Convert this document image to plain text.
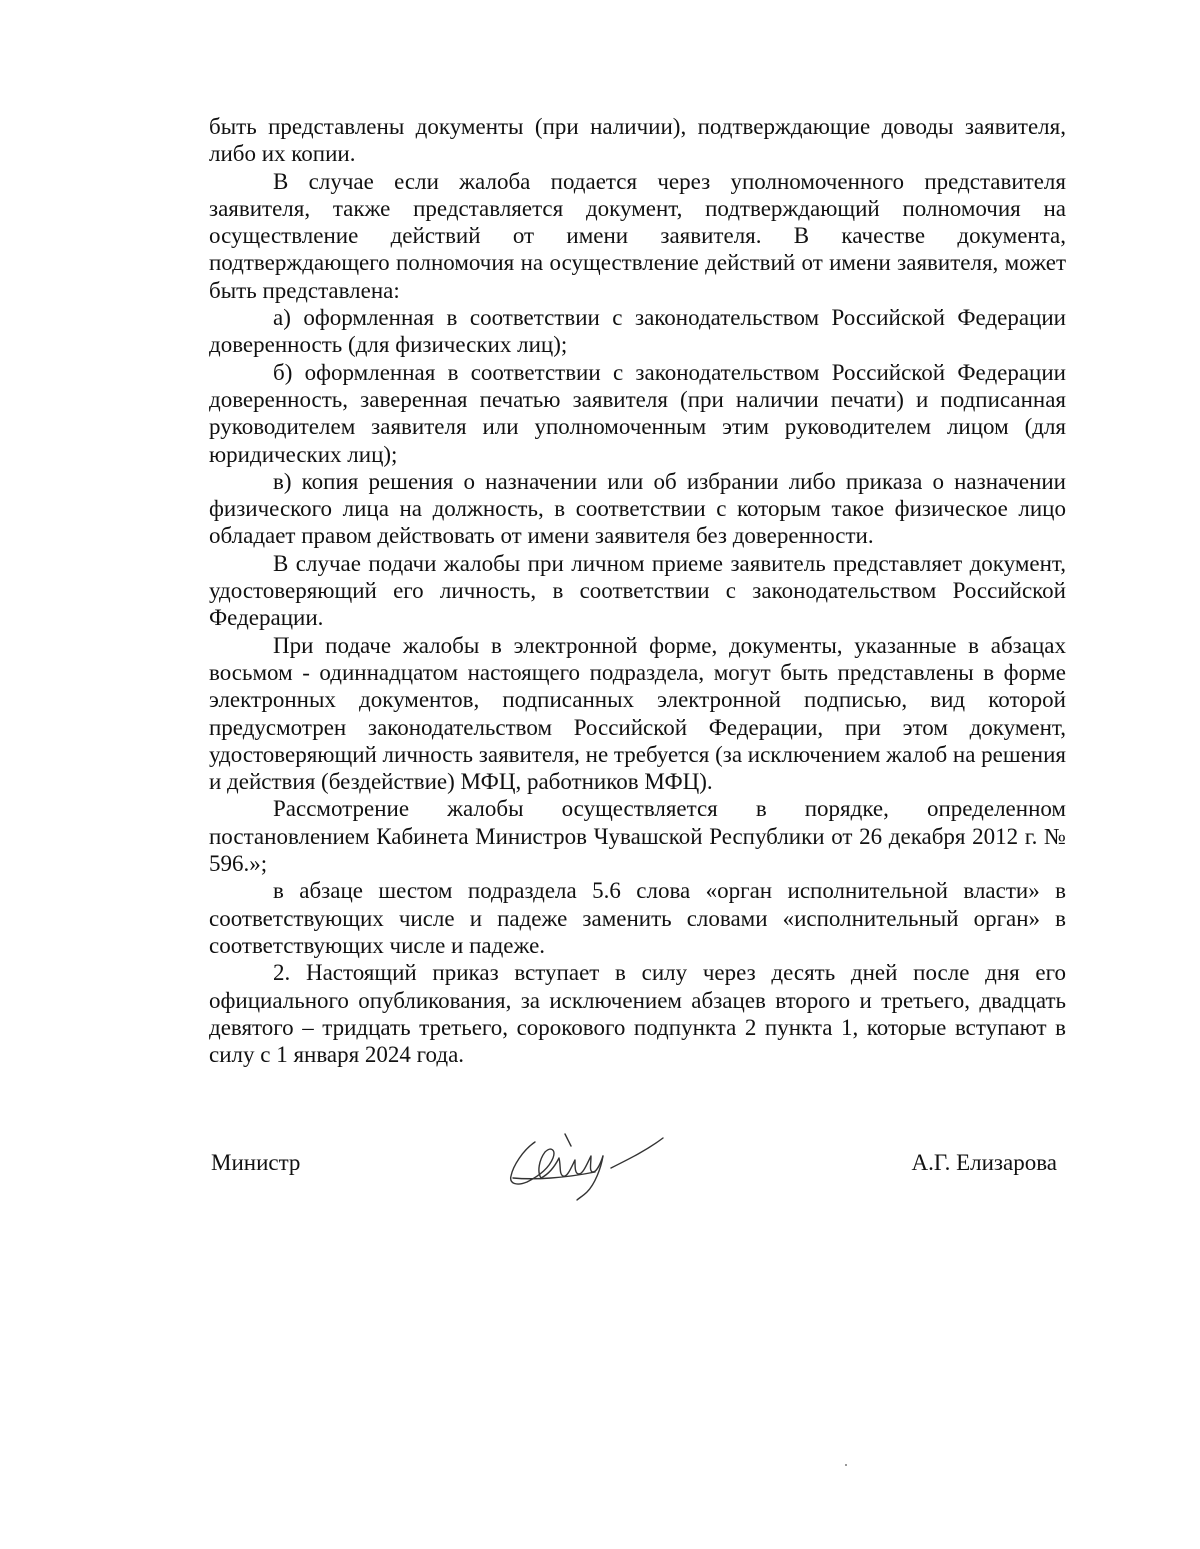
быть представлены документы (при наличии), подтверждающие доводы заявителя, либо их копии.

В случае если жалоба подается через уполномоченного представителя заявителя, также представляется документ, подтверждающий полномочия на осуществление действий от имени заявителя. В качестве документа, подтверждающего полномочия на осуществление действий от имени заявителя, может быть представлена:

а) оформленная в соответствии с законодательством Российской Федерации доверенность (для физических лиц);

б) оформленная в соответствии с законодательством Российской Федерации доверенность, заверенная печатью заявителя (при наличии печати) и подписанная руководителем заявителя или уполномоченным этим руководителем лицом (для юридических лиц);

в) копия решения о назначении или об избрании либо приказа о назначении физического лица на должность, в соответствии с которым такое физическое лицо обладает правом действовать от имени заявителя без доверенности.

В случае подачи жалобы при личном приеме заявитель представляет документ, удостоверяющий его личность, в соответствии с законодательством Российской Федерации.

При подаче жалобы в электронной форме, документы, указанные в абзацах восьмом - одиннадцатом настоящего подраздела, могут быть представлены в форме электронных документов, подписанных электронной подписью, вид которой предусмотрен законодательством Российской Федерации, при этом документ, удостоверяющий личность заявителя, не требуется (за исключением жалоб на решения и действия (бездействие) МФЦ, работников МФЦ).

Рассмотрение жалобы осуществляется в порядке, определенном постановлением Кабинета Министров Чувашской Республики от 26 декабря 2012 г. № 596.»;

в абзаце шестом подраздела 5.6 слова «орган исполнительной власти» в соответствующих числе и падеже заменить словами «исполнительный орган» в соответствующих числе и падеже.

2. Настоящий приказ вступает в силу через десять дней после дня его официального опубликования, за исключением абзацев второго и третьего, двадцать девятого – тридцать третьего, сорокового подпункта 2 пункта 1, которые вступают в силу с 1 января 2024 года.

Министр	А.Г. Елизарова
